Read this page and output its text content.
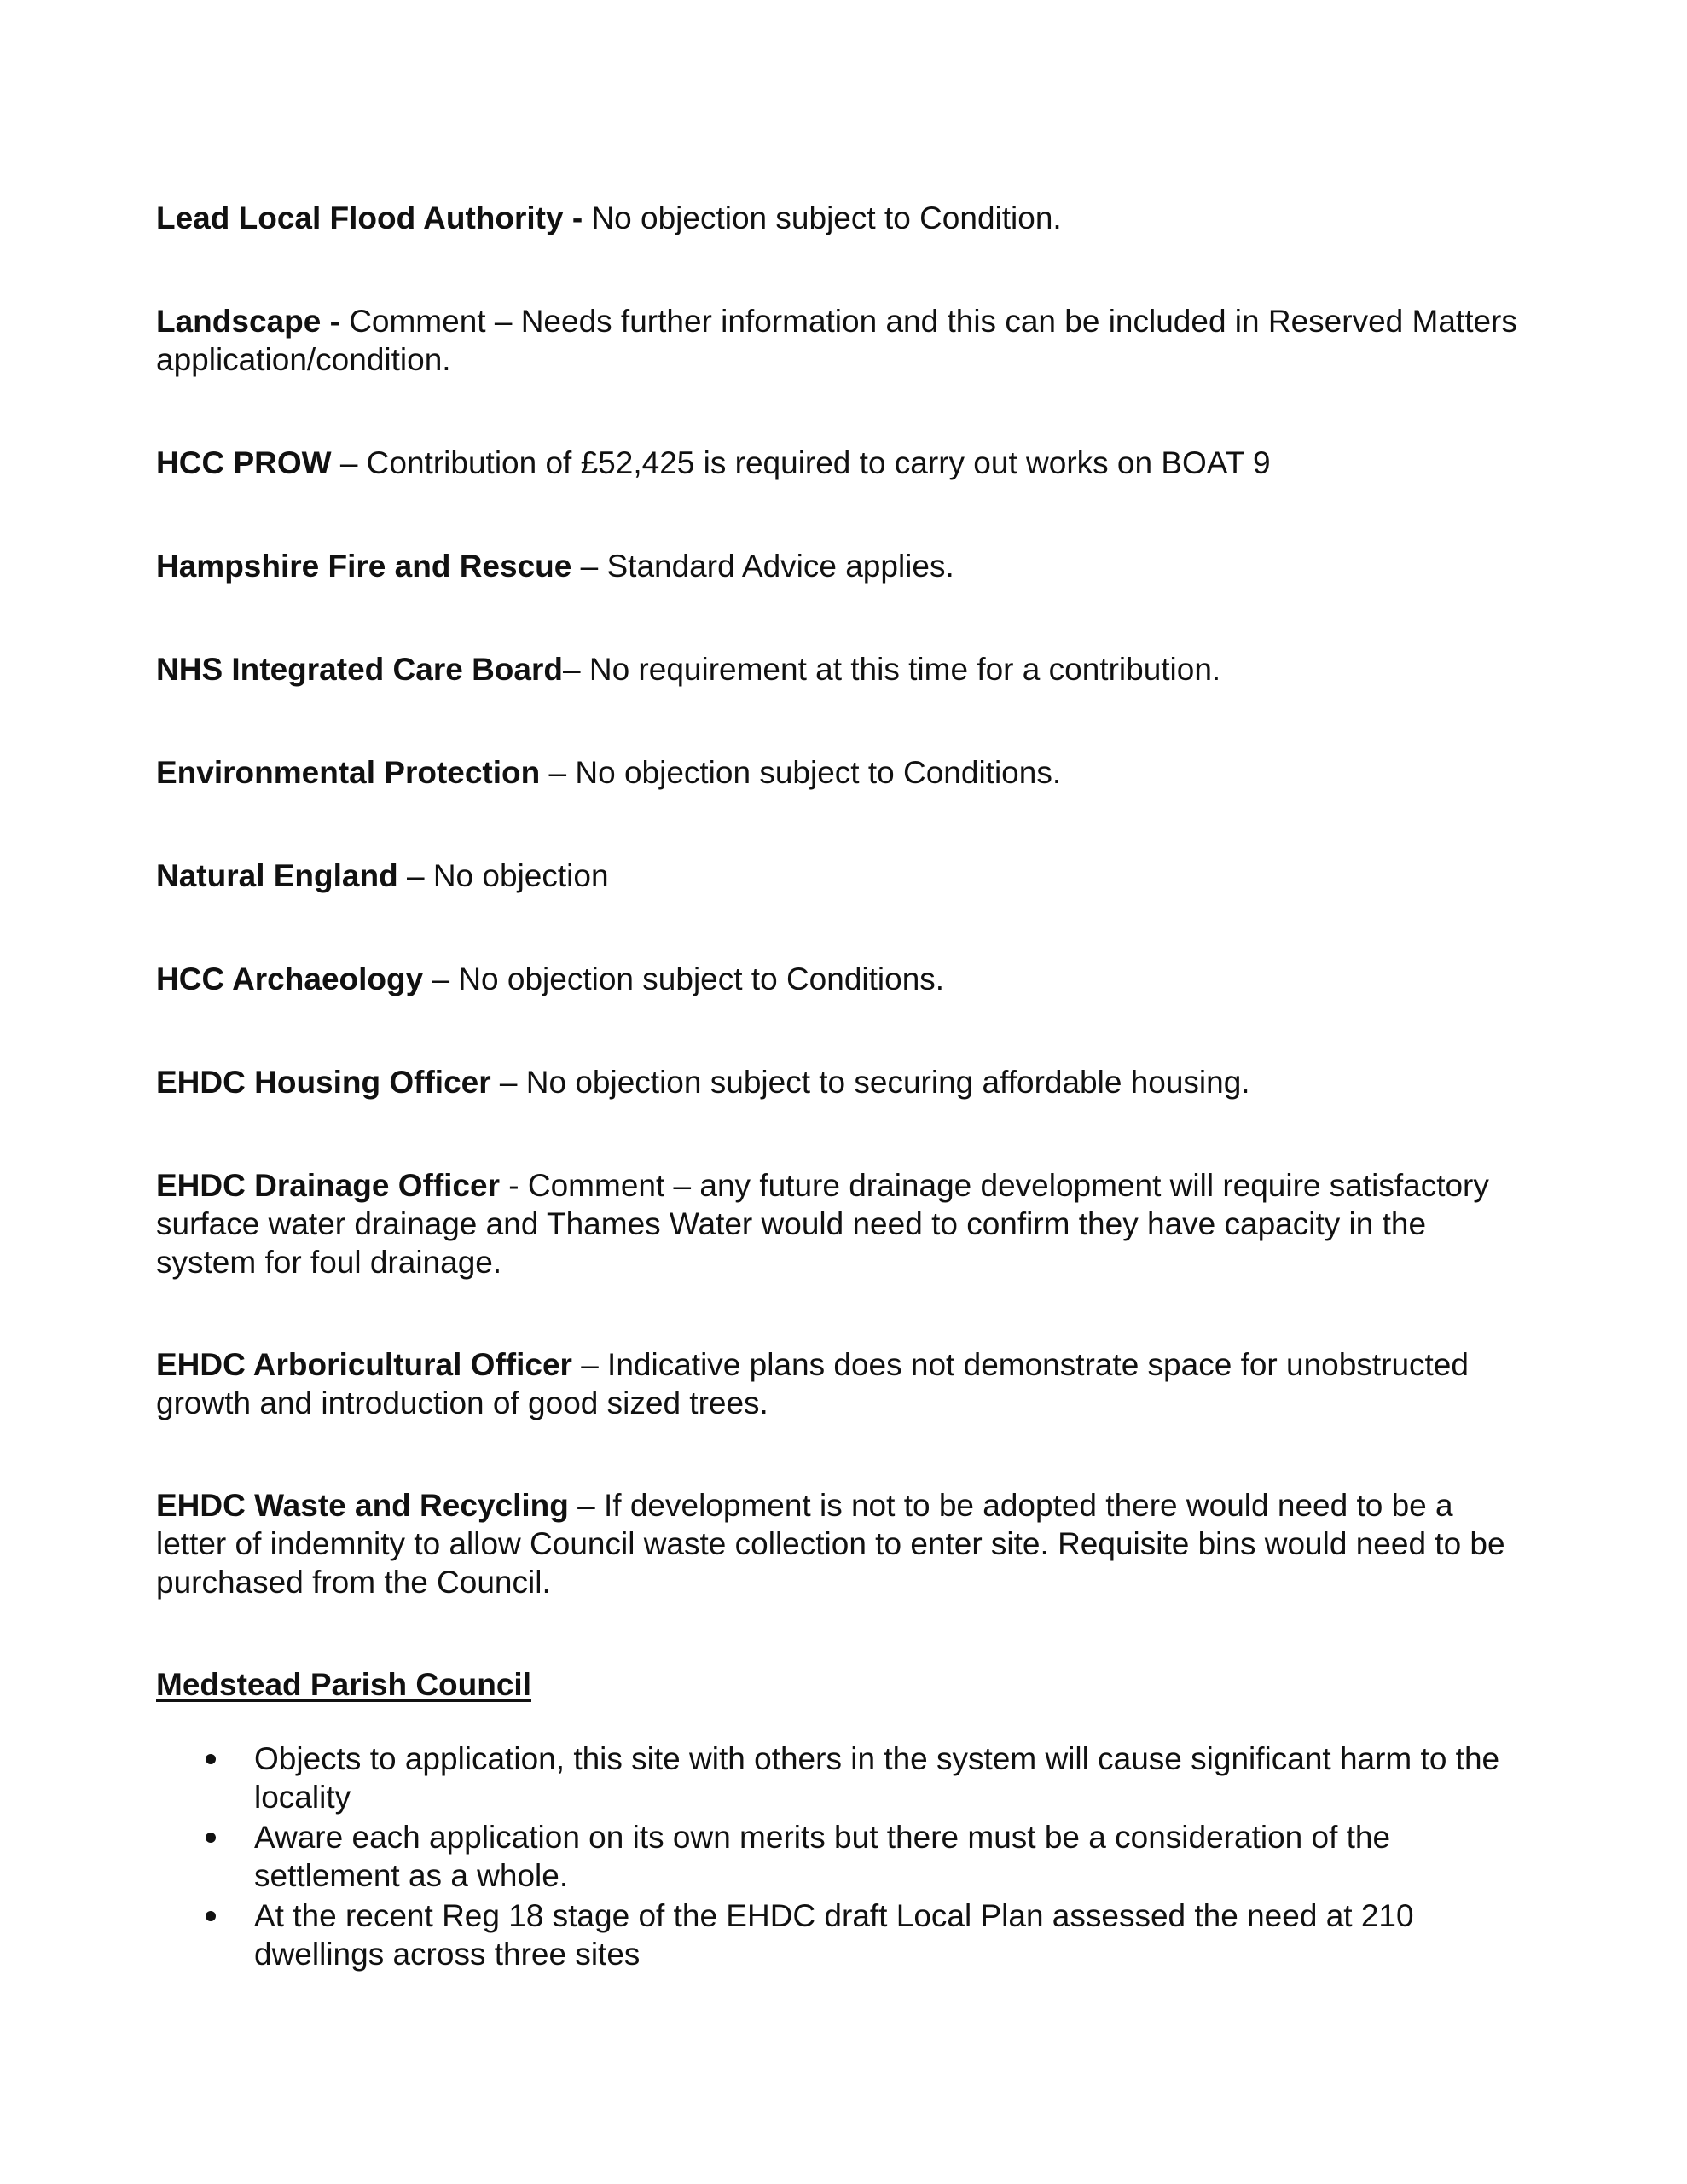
Lead Local Flood Authority - No objection subject to Condition.

Landscape - Comment – Needs further information and this can be included in Reserved Matters application/condition.

HCC PROW – Contribution of £52,425 is required to carry out works on BOAT 9

Hampshire Fire and Rescue – Standard Advice applies.

NHS Integrated Care Board– No requirement at this time for a contribution.

Environmental Protection – No objection subject to Conditions.

Natural England – No objection

HCC Archaeology – No objection subject to Conditions.

EHDC Housing Officer – No objection subject to securing affordable housing.

EHDC Drainage Officer - Comment – any future drainage development will require satisfactory surface water drainage and Thames Water would need to confirm they have capacity in the system for foul drainage.

EHDC Arboricultural Officer – Indicative plans does not demonstrate space for unobstructed growth and introduction of good sized trees.

EHDC Waste and Recycling – If development is not to be adopted there would need to be a letter of indemnity to allow Council waste collection to enter site. Requisite bins would need to be purchased from the Council.

Medstead Parish Council
Objects to application, this site with others in the system will cause significant harm to the locality
Aware each application on its own merits but there must be a consideration of the settlement as a whole.
At the recent Reg 18 stage of the EHDC draft Local Plan assessed the need at 210 dwellings across three sites
